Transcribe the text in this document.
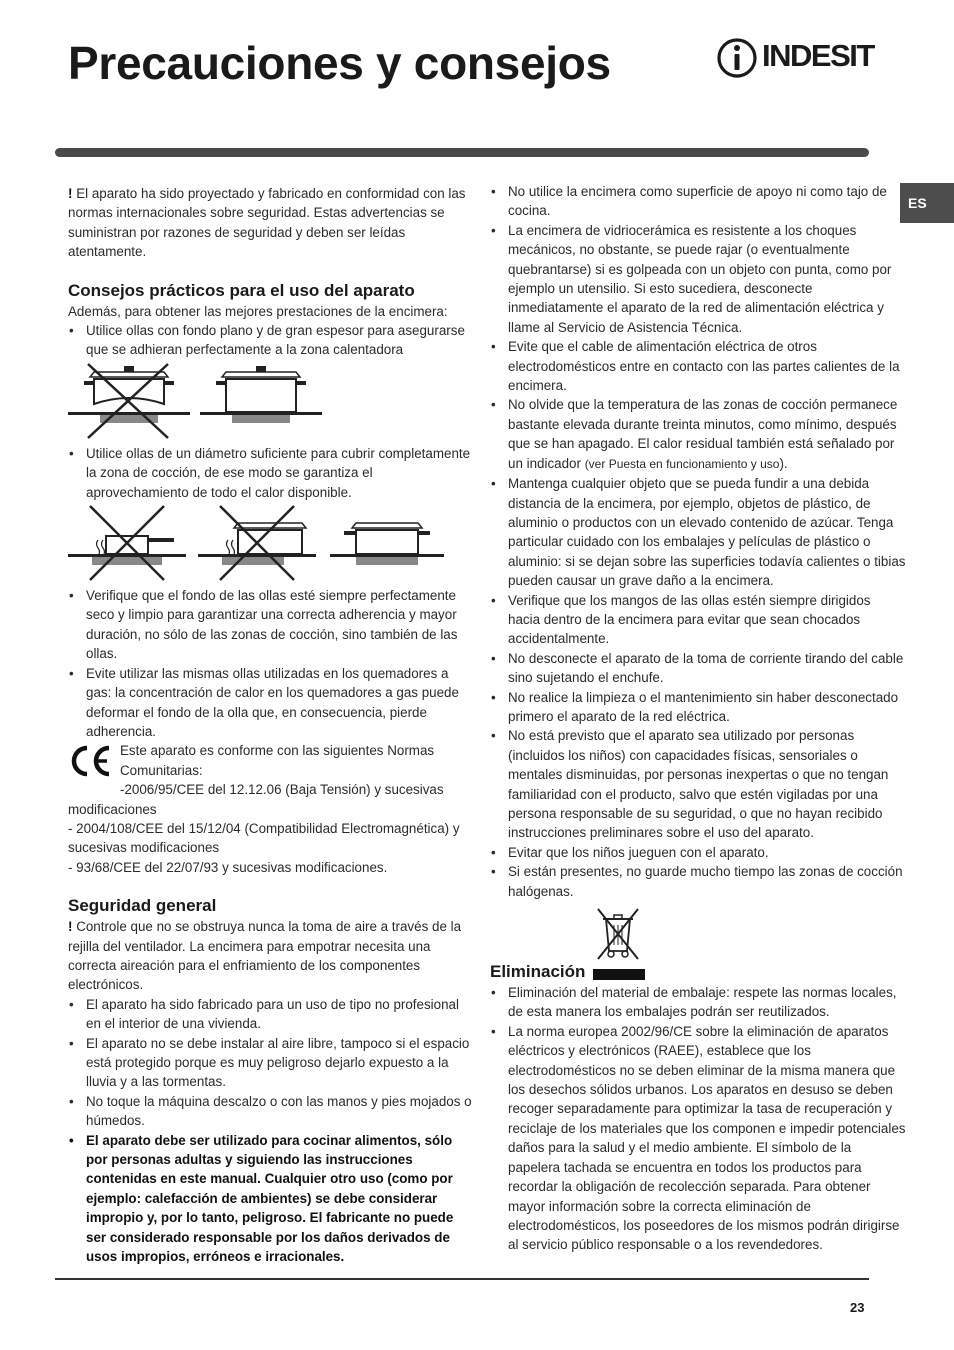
Precauciones y consejos	INDESIT
ES

! El aparato ha sido proyectado y fabricado en conformidad con las normas internacionales sobre seguridad. Estas advertencias se suministran por razones de seguridad y deben ser leídas atentamente.

Consejos prácticos para el uso del aparato

Además, para obtener las mejores prestaciones de la encimera:

• Utilice ollas con fondo plano y de gran espesor para asegurarse que se adhieran perfectamente a la zona calentadora
• Utilice ollas de un diámetro suficiente para cubrir completamente la zona de cocción, de ese modo se garantiza el aprovechamiento de todo el calor disponible.
• Verifique que el fondo de las ollas esté siempre perfectamente seco y limpio para garantizar una correcta adherencia y mayor duración, no sólo de las zonas de cocción, sino también de las ollas.
• Evite utilizar las mismas ollas utilizadas en los quemadores a gas: la concentración de calor en los quemadores a gas puede deformar el fondo de la olla que, en consecuencia, pierde adherencia.

Este aparato es conforme con las siguientes Normas Comunitarias:

-2006/95/CEE del 12.12.06 (Baja Tensión) y sucesivas modificaciones

- 2004/108/CEE del 15/12/04 (Compatibilidad Electromagnética) y sucesivas modificaciones

- 93/68/CEE del 22/07/93 y sucesivas modificaciones.

Seguridad general

! Controle que no se obstruya nunca la toma de aire a través de la rejilla del ventilador. La encimera para empotrar necesita una correcta aireación para el enfriamiento de los componentes electrónicos.

• El aparato ha sido fabricado para un uso de tipo no profesional en el interior de una vivienda.
• El aparato no se debe instalar al aire libre, tampoco si el espacio está protegido porque es muy peligroso dejarlo expuesto a la lluvia y a las tormentas.
• No toque la máquina descalzo o con las manos y pies mojados o húmedos.
• El aparato debe ser utilizado para cocinar alimentos, sólo por personas adultas y siguiendo las instrucciones contenidas en este manual. Cualquier otro uso (como por ejemplo: calefacción de ambientes) se debe considerar impropio y, por lo tanto, peligroso. El fabricante no puede ser considerado responsable por los daños derivados de usos impropios, erróneos e irracionales.
• No utilice la encimera como superficie de apoyo ni como tajo de cocina.
• La encimera de vidriocerámica es resistente a los choques mecánicos, no obstante, se puede rajar (o eventualmente quebrantarse) si es golpeada con un objeto con punta, como por ejemplo un utensilio. Si esto sucediera, desconecte inmediatamente el aparato de la red de alimentación eléctrica y llame al Servicio de Asistencia Técnica.
• Evite que el cable de alimentación eléctrica de otros electrodomésticos entre en contacto con las partes calientes de la encimera.
• No olvide que la temperatura de las zonas de cocción permanece bastante elevada durante treinta minutos, como mínimo, después que se han apagado. El calor residual también está señalado por un indicador (ver Puesta en funcionamiento y uso).
• Mantenga cualquier objeto que se pueda fundir a una debida distancia de la encimera, por ejemplo, objetos de plástico, de aluminio o productos con un elevado contenido de azúcar. Tenga particular cuidado con los embalajes y películas de plástico o aluminio: si se dejan sobre las superficies todavía calientes o tibias pueden causar un grave daño a la encimera.
• Verifique que los mangos de las ollas estén siempre dirigidos hacia dentro de la encimera para evitar que sean chocados accidentalmente.
• No desconecte el aparato de la toma de corriente tirando del cable sino sujetando el enchufe.
• No realice la limpieza o el mantenimiento sin haber desconectado primero el aparato de la red eléctrica.
• No está previsto que el aparato sea utilizado por personas (incluidos los niños) con capacidades físicas, sensoriales o mentales disminuidas, por personas inexpertas o que no tengan familiaridad con el producto, salvo que estén vigiladas por una persona responsable de su seguridad, o que no hayan recibido instrucciones preliminares sobre el uso del aparato.
• Evitar que los niños jueguen con el aparato.
• Si están presentes, no guarde mucho tiempo las zonas de cocción halógenas.
Eliminación
• Eliminación del material de embalaje: respete las normas locales, de esta manera los embalajes podrán ser reutilizados.
• La norma europea 2002/96/CE sobre la eliminación de aparatos eléctricos y electrónicos (RAEE), establece que los electrodomésticos no se deben eliminar de la misma manera que los desechos sólidos urbanos. Los aparatos en desuso se deben recoger separadamente para optimizar la tasa de recuperación y reciclaje de los materiales que los componen e impedir potenciales daños para la salud y el medio ambiente. El símbolo de la papelera tachada se encuentra en todos los productos para recordar la obligación de recolección separada. Para obtener mayor información sobre la correcta eliminación de electrodomésticos, los poseedores de los mismos podrán dirigirse al servicio público responsable o a los revendedores.
23
